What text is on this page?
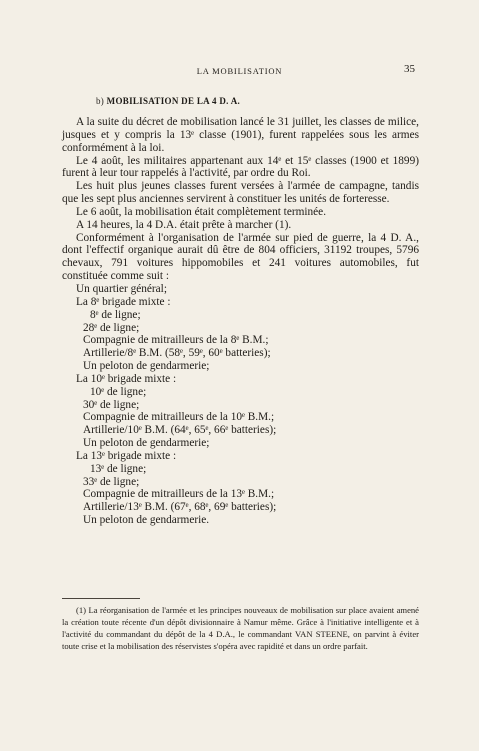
LA MOBILISATION	35
b) MOBILISATION DE LA 4 D. A.

A la suite du décret de mobilisation lancé le 31 juillet, les classes de milice, jusques et y compris la 13ᵉ classe (1901), furent rappelées sous les armes conformément à la loi.

Le 4 août, les militaires appartenant aux 14ᵉ et 15ᵉ classes (1900 et 1899) furent à leur tour rappelés à l'activité, par ordre du Roi.

Les huit plus jeunes classes furent versées à l'armée de campagne, tandis que les sept plus anciennes servirent à constituer les unités de forteresse.

Le 6 août, la mobilisation était complètement terminée.

A 14 heures, la 4 D.A. était prête à marcher (1).

Conformément à l'organisation de l'armée sur pied de guerre, la 4 D. A., dont l'effectif organique aurait dû être de 804 officiers, 31192 troupes, 5796 chevaux, 791 voitures hippomobiles et 241 voitures automobiles, fut constituée comme suit :

Un quartier général;

La 8ᵉ brigade mixte :

8ᵉ de ligne;
28ᵉ de ligne;
Compagnie de mitrailleurs de la 8ᵉ B.M.;
Artillerie/8ᵉ B.M. (58ᵉ, 59ᵉ, 60ᵉ batteries);
Un peloton de gendarmerie;

La 10ᵉ brigade mixte :

10ᵉ de ligne;
30ᵉ de ligne;
Compagnie de mitrailleurs de la 10ᵉ B.M.;
Artillerie/10ᵉ B.M. (64ᵉ, 65ᵉ, 66ᵉ batteries);
Un peloton de gendarmerie;

La 13ᵉ brigade mixte :

13ᵉ de ligne;
33ᵉ de ligne;
Compagnie de mitrailleurs de la 13ᵉ B.M.;
Artillerie/13ᵉ B.M. (67ᵉ, 68ᵉ, 69ᵉ batteries);
Un peloton de gendarmerie.

(1) La réorganisation de l'armée et les principes nouveaux de mobilisation sur place avaient amené la création toute récente d'un dépôt divisionnaire à Namur même. Grâce à l'initiative intelligente et à l'activité du commandant du dépôt de la 4 D.A., le commandant VAN STEENE, on parvint à éviter toute crise et la mobilisation des réservistes s'opéra avec rapidité et dans un ordre parfait.
